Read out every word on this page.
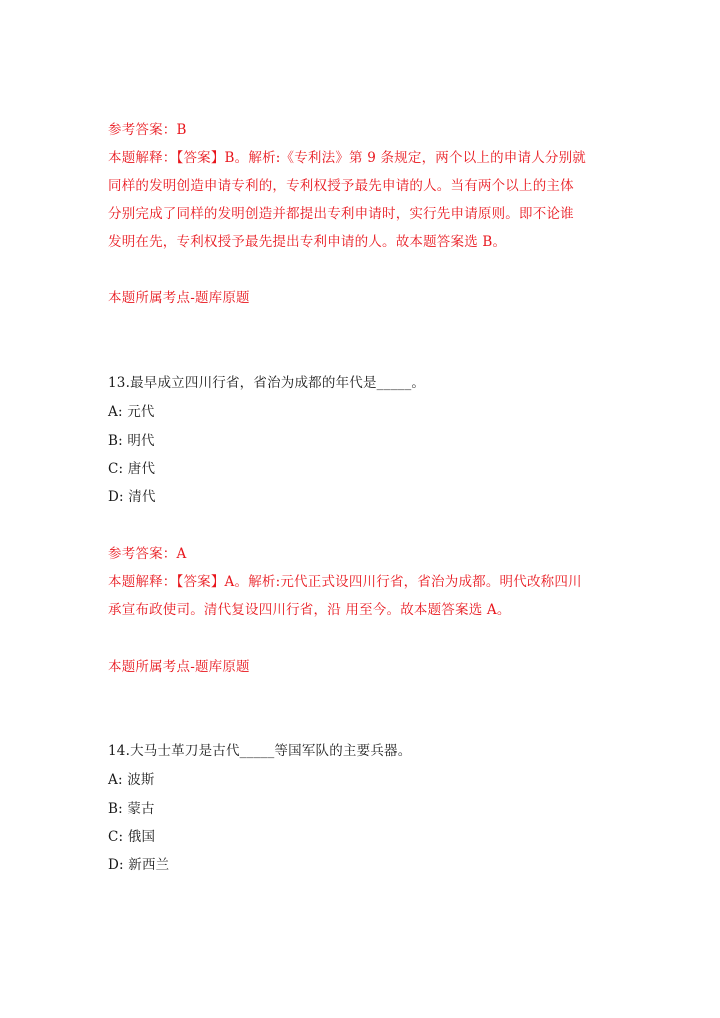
参考答案：B
本题解释：【答案】B。解析:《专利法》第 9 条规定，两个以上的申请人分别就
同样的发明创造申请专利的，专利权授予最先申请的人。当有两个以上的主体
分别完成了同样的发明创造并都提出专利申请时，实行先申请原则。即不论谁
发明在先，专利权授予最先提出专利申请的人。故本题答案选 B。
本题所属考点-题库原题
13.最早成立四川行省，省治为成都的年代是_____。
A: 元代
B: 明代
C: 唐代
D: 清代
参考答案：A
本题解释：【答案】A。解析:元代正式设四川行省，省治为成都。明代改称四川
承宣布政使司。清代复设四川行省，沿 用至今。故本题答案选 A。
本题所属考点-题库原题
14.大马士革刀是古代_____等国军队的主要兵器。
A: 波斯
B: 蒙古
C: 俄国
D: 新西兰
